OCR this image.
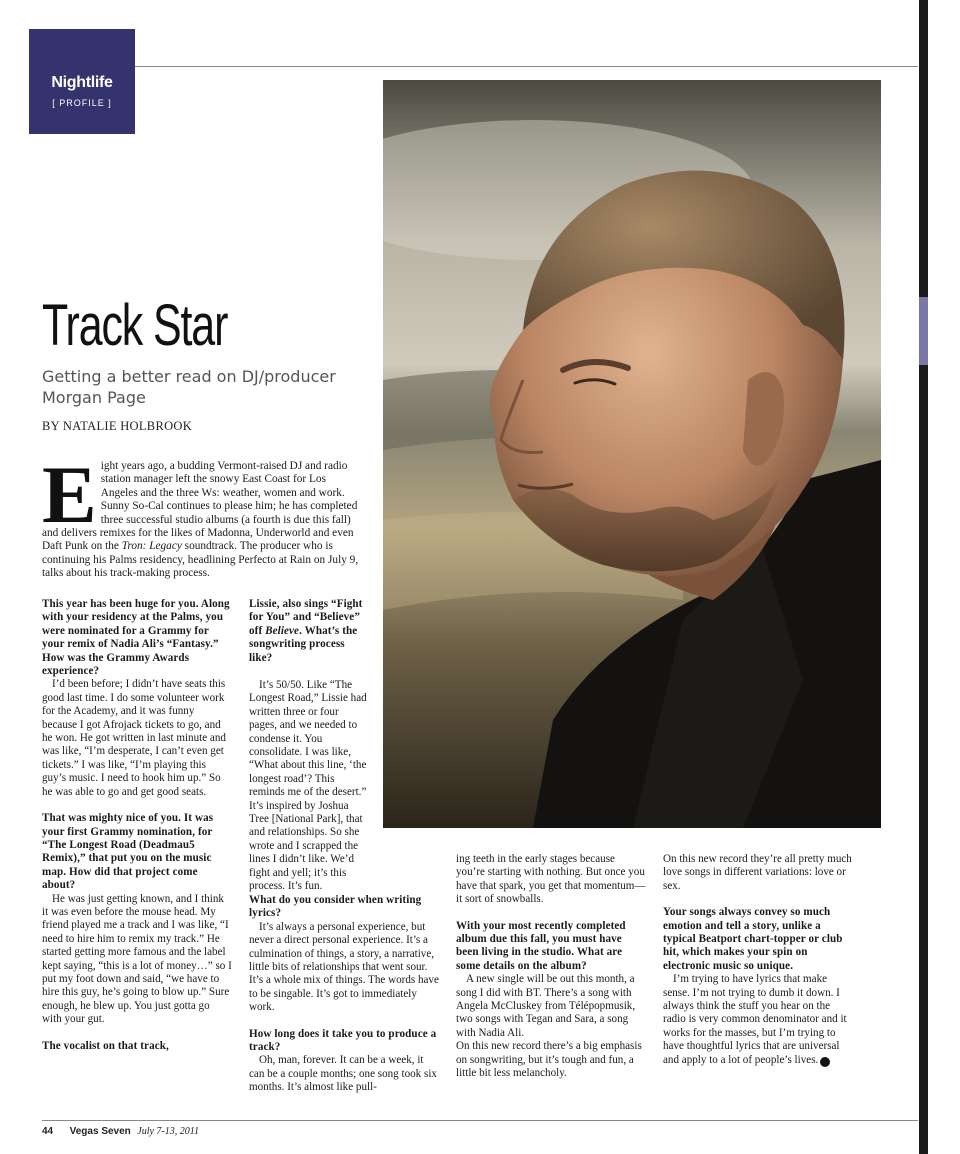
Nightlife
[ PROFILE ]
Track Star
Getting a better read on DJ/producer Morgan Page
BY NATALIE HOLBROOK

Eight years ago, a budding Vermont-raised DJ and radio station manager left the snowy East Coast for Los Angeles and the three Ws: weather, women and work. Sunny So-Cal continues to please him; he has completed three successful studio albums (a fourth is due this fall) and delivers remixes for the likes of Madonna, Underworld and even Daft Punk on the Tron: Legacy soundtrack. The producer who is continuing his Palms residency, headlining Perfecto at Rain on July 9, talks about his track-making process.

This year has been huge for you. Along with your residency at the Palms, you were nominated for a Grammy for your remix of Nadia Ali’s “Fantasy.” How was the Grammy Awards experience?

I’d been before; I didn’t have seats this good last time. I do some volunteer work for the Academy, and it was funny because I got Afrojack tickets to go, and he won. He got written in last minute and was like, “I’m desperate, I can’t even get tickets.” I was like, “I’m playing this guy’s music. I need to hook him up.” So he was able to go and get good seats.

That was mighty nice of you. It was your first Grammy nomination, for “The Longest Road (Deadmau5 Remix),” that put you on the music map. How did that project come about?

He was just getting known, and I think it was even before the mouse head. My friend played me a track and I was like, “I need to hire him to remix my track.” He started getting more famous and the label kept saying, “this is a lot of money…” so I put my foot down and said, “we have to hire this guy, he’s going to blow up.” Sure enough, he blew up. You just gotta go with your gut.

The vocalist on that track,

Lissie, also sings “Fight for You” and “Believe” off Believe. What’s the songwriting process like?

It’s 50/50. Like “The Longest Road,” Lissie had written three or four pages, and we needed to condense it. You consolidate. I was like, “What about this line, ‘the longest road’? This reminds me of the desert.” It’s inspired by Joshua Tree [National Park], that and relationships. So she wrote and I scrapped the lines I didn’t like. We’d fight and yell; it’s this process. It’s fun.

What do you consider when writing lyrics?

It’s always a personal experience, but never a direct personal experience. It’s a culmination of things, a story, a narrative, little bits of relationships that went sour. It’s a whole mix of things. The words have to be singable. It’s got to immediately work.

How long does it take you to produce a track?

Oh, man, forever. It can be a week, it can be a couple months; one song took six months. It’s almost like pull-

ing teeth in the early stages because you’re starting with nothing. But once you have that spark, you get that momentum—it sort of snowballs.

With your most recently completed album due this fall, you must have been living in the studio. What are some details on the album?

A new single will be out this month, a song I did with BT. There’s a song with Angela McCluskey from Télépopmusik, two songs with Tegan and Sara, a song with Nadia Ali.

On this new record there’s a big emphasis on songwriting, but it’s tough and fun, a little bit less melancholy.

On this new record they’re all pretty much love songs in different variations: love or sex.

Your songs always convey so much emotion and tell a story, unlike a typical Beatport chart-topper or club hit, which makes your spin on electronic music so unique.

I’m trying to have lyrics that make sense. I’m not trying to dumb it down. I always think the stuff you hear on the radio is very common denominator and it works for the masses, but I’m trying to have thoughtful lyrics that are universal and apply to a lot of people’s lives. 7

44 Vegas Seven July 7-13, 2011
